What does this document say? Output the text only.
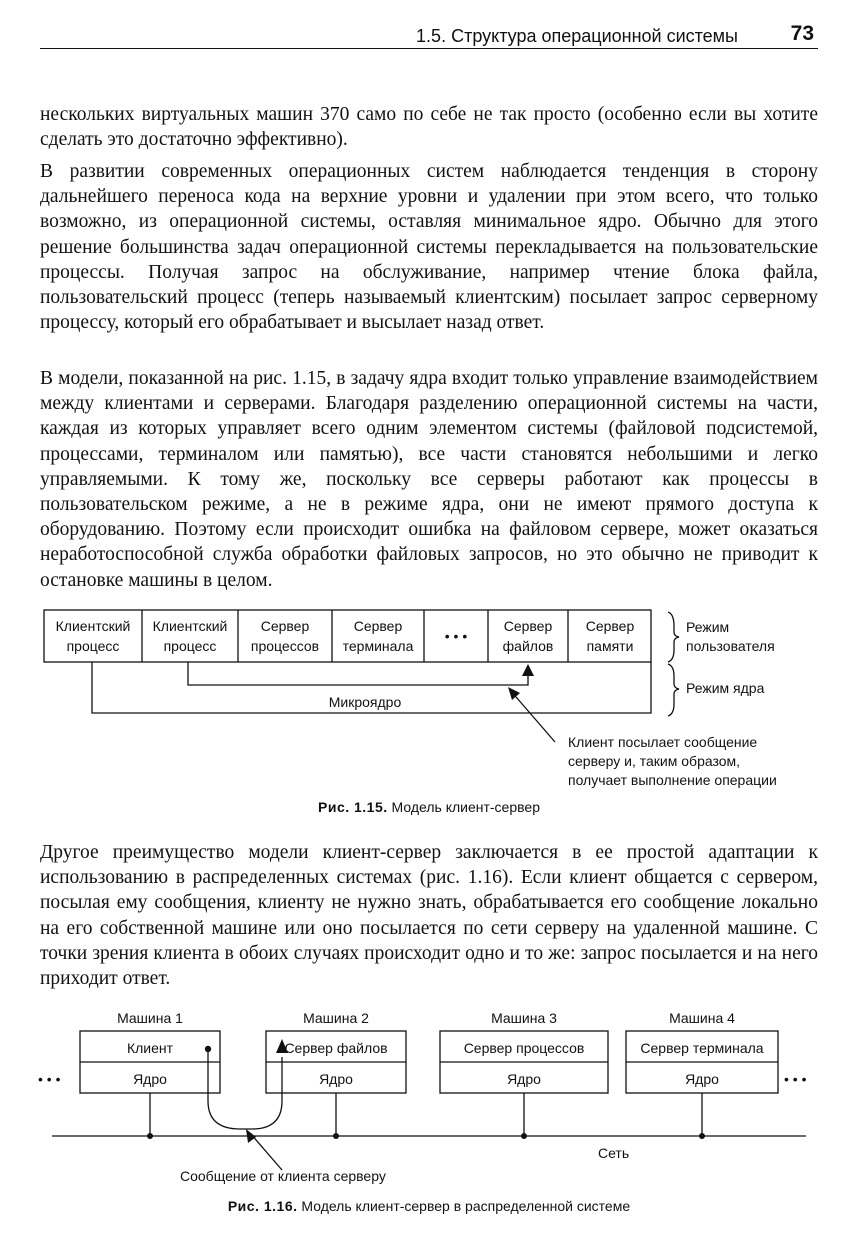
1.5. Структура операционной системы	73
нескольких виртуальных машин 370 само по себе не так просто (особенно если вы хотите сделать это достаточно эффективно).
В развитии современных операционных систем наблюдается тенденция в сторону дальнейшего переноса кода на верхние уровни и удалении при этом всего, что только возможно, из операционной системы, оставляя минимальное ядро. Обычно для этого решение большинства задач операционной системы перекладывается на пользовательские процессы. Получая запрос на обслуживание, например чтение блока файла, пользовательский процесс (теперь называемый клиентским) посылает запрос серверному процессу, который его обрабатывает и высылает назад ответ.
В модели, показанной на рис. 1.15, в задачу ядра входит только управление взаимодействием между клиентами и серверами. Благодаря разделению операционной системы на части, каждая из которых управляет всего одним элементом системы (файловой подсистемой, процессами, терминалом или памятью), все части становятся небольшими и легко управляемыми. К тому же, поскольку все серверы работают как процессы в пользовательском режиме, а не в режиме ядра, они не имеют прямого доступа к оборудованию. Поэтому если происходит ошибка на файловом сервере, может оказаться неработоспособной служба обработки файловых запросов, но это обычно не приводит к остановке машины в целом.
Клиентский
процесс
Клиентский
процесс
Сервер
процессов
Сервер
терминала
• • •
Сервер
файлов
Сервер
памяти
Микроядро
Режим
пользователя
Режим ядра
Клиент посылает сообщение
серверу и, таким образом,
получает выполнение операции
Рис. 1.15. Модель клиент-сервер
Другое преимущество модели клиент-сервер заключается в ее простой адаптации к использованию в распределенных системах (рис. 1.16). Если клиент общается с сервером, посылая ему сообщения, клиенту не нужно знать, обрабатывается его сообщение локально на его собственной машине или оно посылается по сети серверу на удаленной машине. С точки зрения клиента в обоих случаях происходит одно и то же: запрос посылается и на него приходит ответ.
Машина 1
Клиент
Ядро
Машина 2
Сервер файлов
Ядро
Машина 3
Сервер процессов
Ядро
Машина 4
Сервер терминала
Ядро
• • •	• • •
Сеть
Сообщение от клиента серверу
Рис. 1.16. Модель клиент-сервер в распределенной системе
